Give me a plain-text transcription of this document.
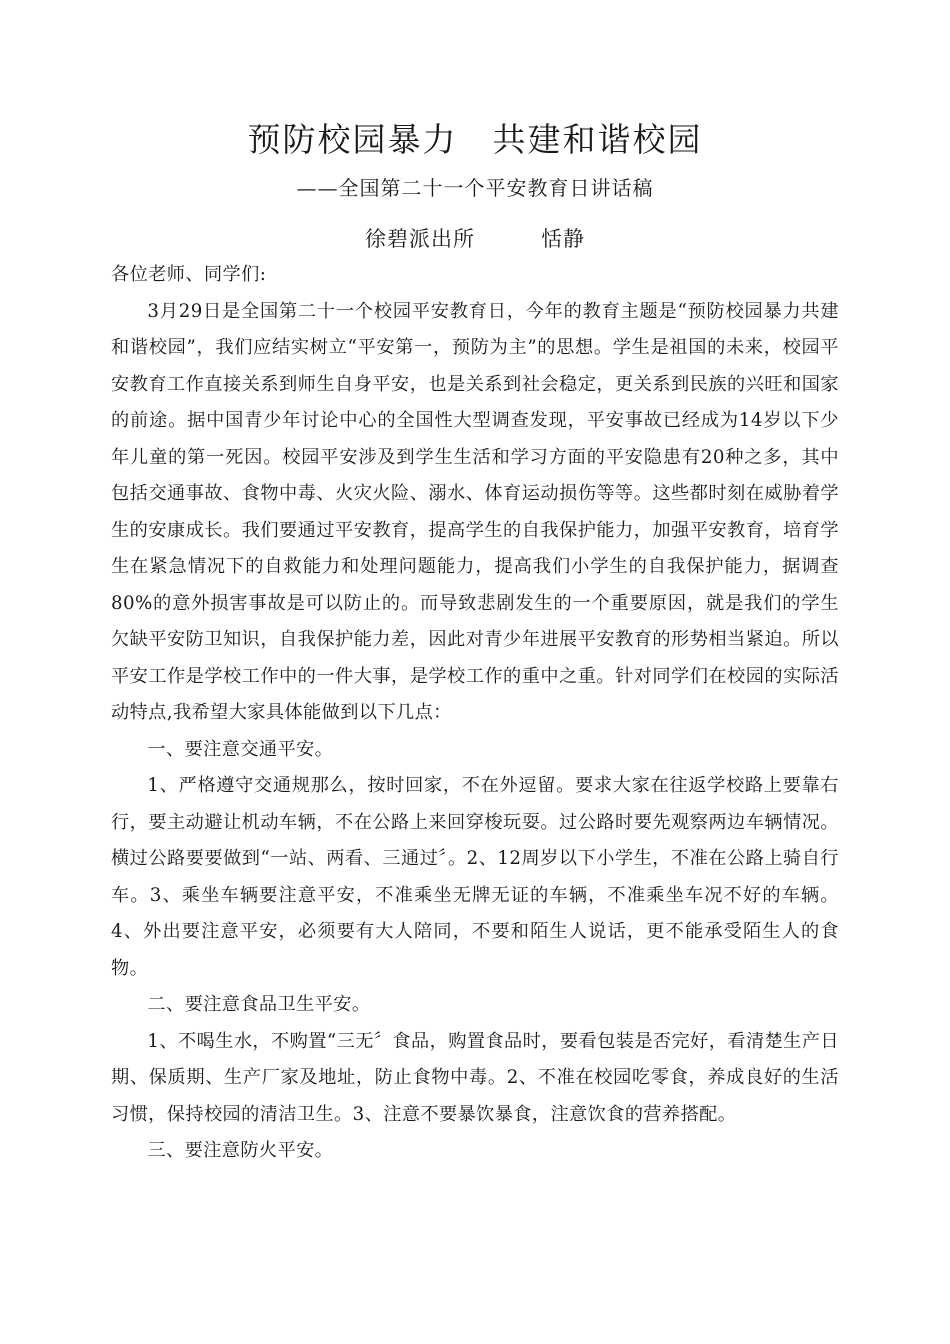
预防校园暴力　共建和谐校园
——全国第二十一个平安教育日讲话稿
徐碧派出所　　　恬静

各位老师、同学们:

3月29日是全国第二十一个校园平安教育日，今年的教育主题是“预防校园暴力共建和谐校园”，我们应结实树立“平安第一，预防为主”的思想。学生是祖国的未来，校园平安教育工作直接关系到师生自身平安，也是关系到社会稳定，更关系到民族的兴旺和国家的前途。据中国青少年讨论中心的全国性大型调查发现，平安事故已经成为14岁以下少年儿童的第一死因。校园平安涉及到学生生活和学习方面的平安隐患有20种之多，其中包括交通事故、食物中毒、火灾火险、溺水、体育运动损伤等等。这些都时刻在威胁着学生的安康成长。我们要通过平安教育，提高学生的自我保护能力，加强平安教育，培育学生在紧急情况下的自救能力和处理问题能力，提高我们小学生的自我保护能力，据调查80%的意外损害事故是可以防止的。而导致悲剧发生的一个重要原因，就是我们的学生欠缺平安防卫知识，自我保护能力差，因此对青少年进展平安教育的形势相当紧迫。所以平安工作是学校工作中的一件大事，是学校工作的重中之重。针对同学们在校园的实际活动特点,我希望大家具体能做到以下几点：

一、要注意交通平安。

1、严格遵守交通规那么，按时回家，不在外逗留。要求大家在往返学校路上要靠右行，要主动避让机动车辆，不在公路上来回穿梭玩耍。过公路时要先观察两边车辆情况。横过公路要要做到“一站、两看、三通过〞。2、12周岁以下小学生，不准在公路上骑自行车。3、乘坐车辆要注意平安，不准乘坐无牌无证的车辆，不准乘坐车况不好的车辆。4、外出要注意平安，必须要有大人陪同，不要和陌生人说话，更不能承受陌生人的食物。

二、要注意食品卫生平安。

1、不喝生水，不购置“三无〞食品，购置食品时，要看包装是否完好，看清楚生产日期、保质期、生产厂家及地址，防止食物中毒。2、不准在校园吃零食，养成良好的生活习惯，保持校园的清洁卫生。3、注意不要暴饮暴食，注意饮食的营养搭配。

三、要注意防火平安。
